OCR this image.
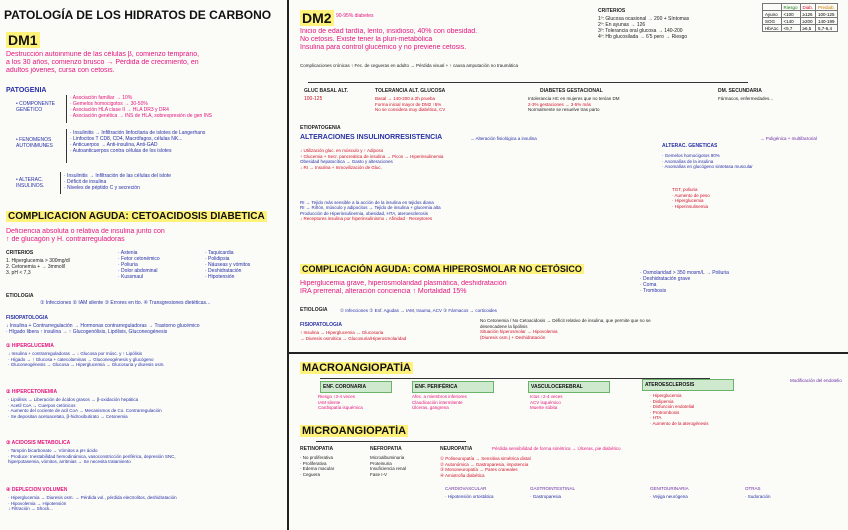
PATOLOGÍA DE LOS HIDRATOS DE CARBONO
DM1
Destrucción autoinmune de las células β, comienzo temprano,
a los 30 años, comienzo brusco → Pérdida de crecimiento, en
adultos jóvenes, cursa con cetosis.
PATOGENIA
• COMPONENTE GENÉTICO
· Asociación familiar → 10%
· Gemelos homocigotos → 30-50%
· Asociación HLA clase II → HLA DR3 y DR4
· Asociación genética → INS de HLA, sobrexpresión de gen INS
• FENÓMENOS AUTOINMUNES
· Insulinitis → Infiltración linfocitaria de islotes de Langerhans
· Linfocitos T CD8, CD4, Macrófagos, células NK...
· Anticuerpos → Anti-insulina, Anti-GAD
· Autoanticuerpos contra células de los islotes
• ALTERAC. INSULINOS.
· Insulinitis → Infiltración de las células del islote
· Déficit de insulina
· Niveles de péptido C y secreción
COMPLICACIÓN AGUDA: CETOACIDOSIS DIABÉTICA
Deficiencia absoluta o relativa de insulina junto con
↑ de glucagón y H. contrarreguladoras
CRITERIOS
1. Hiperglucemia > 300mg/dl
2. Cetonemia + → 3mmol/l
3. pH < 7,3
· Astenia
· Fetor cetonémico
· Poliuria
· Dolor abdominal
· Kussmaul
· Taquicardia
· Polidipsia
· Náuseas y vómitos
· Deshidratación
· Hipotensión
ETIOLOGÍA
① Infecciones ② IAM silente ③ Errores en tto. ④ Transgresiones dietéticas...
FISIOPATOLOGÍA
↓ Insulina + Contrarregulación → Hormonas contrarreguladoras → Trastorno glucémico
· Hígado libera ↑ insulina → ↑ Glucogenólisis, Lipólisis, Gluconeogénesis
① HIPERGLUCEMIA
↓ Insulina + contrarreguladoras → ↓ Glucosa por músc. y ↑ Lipólisis
· Hígado → ↑ Glucosa + catecolaminas → Gluconeogénesis y glucógeno
· Gluconeogénesis → Glucosa → Hiperglucemia → Glucosuria y diuresis osm.
② HIPERCETONEMIA
· Lipólisis → Liberación de ácidos grasos → β-oxidación hepática
· Acetil CoA → Cuerpos cetónicos
· Aumento del cociente de acil CoA → Mecanismos de Co. Contrarregulación
· Se depositan acetoacetato, β-hidroxibutirato → Cetonemia
③ ACIDOSIS METABÓLICA
· Tampón bicarbonato → Vómitos a pH ácido
· Produce: Inestabilidad hemodinámica, vasoconstricción periférica, depresión SNC,
hiperpotasemia, vómitos, arritmias → Se necesita tratamiento
④ DEPLECIÓN VOLUMEN
· Hiperglucemia → Diuresis osm. → Pérdida vol., pérdida electrolitos, deshidratación
· Hipovolemia → Hipotensión
↓ Filtración → Shock...
DM2 90-95% diabetes
Inicio de edad tardía, lento, insidioso, 40% con obesidad.
No cetosis. Existe tener la pluri-metabólica
Insulina para control glucémico y no previene cetosis.
Complicaciones crónicas ↑ Fec. de cegueras en adulto → Pérdida visual + ↑ causa amputación no traumática
CRITERIOS
1º: Glucosa ocasional → 200 + Síntomas
2º: En ayunas → 126
3º: Tolerancia oral glucosa → 140-200
4º: Hb glucosilada → 6'5 pero → Riesgo
	Riesgo	Diab.	Prediab.
Ayuno	<100	≥126	100-125
SOG	<140	≥200	140-199
HbA1c	<5,7	≥6,5	5,7-6,4
GLUC BASAL ALT.
100-125
TOLERANCIA ALT. GLUCOSA
Basal → 140-200 a 2h prueba
Forma inicial mayor de DM2 ↑5%
No se considera muy diabética, CV
DIABETES GESTACIONAL
Intolerancia HC en mujeres que no tenían DM
2-3% gestaciones → 3-5% más
Normalmente se resuelve tras parto
DM. SECUNDARIA
Fármacos, enfermedades...
ETIOPATOGENIA
ALTERACIONES INSULINORRESISTENCIA	→ Alteración fisiológica a insulina
↓ Utilización gluc. en músculo y ↑ Adiposo
↑ Glucemia + Secr. pancreática de insulina → Picos → Hiperinsulinemia
Obesidad hepatocítica → Gasto y alteraciones
↓ RI → Insulina + Inmovilización de Gluc.

RI → Tejido más sensible a la acción de la insulina en tejidos diana
RI → Riñón, músculo y adipocitos → Tejido de insulina + glucemia alta
Producción de Hiperinsulinemia, obesidad, HTA, ateroesclerosis
↓ Receptores insulina por hiperinsulinismo ↓ Afinidad · Receptores
ALTERAC. GENÉTICAS
→ Poligénica + multifactorial
· Gemelos homocigotos 90%
· Anomalías de la insulina
· Anomalías en glucógeno sintetasa muscular
TGT, poliuria
· Aumento de peso
· Hiperglucemia
· Hiperinsulinemia
COMPLICACIÓN AGUDA: COMA HIPEROSMOLAR NO CETÓSICO
Hiperglucemia grave, hiperosmolaridad plasmática, deshidratación
IRA prerrenal, alteración conciencia ↑ Mortalidad 15%
· Osmolaridad > 350 mosm/L → Poliuria
· Deshidratación grave
· Coma
· Trombosis
ETIOLOGÍA	① Infecciones ② Enf. Agudas → IAM, trauma, ACV ③ Fármacos → corticoides
FISIOPATOLOGÍA
↑ Insulina → Hiperglucemia → Glucosuria
→ Diuresis osmótica → Glucosuria/Hiperosmolaridad
No Cetonemia / No Cetoacidosis → Déficit relativo de insulina, que permite que no se
desencadene la lipólisis
Situación hiperosmolar → Hipovolemia
(Diuresis osm.) + Deshidratación
MACROANGIOPATÍA
ENF. CORONARIA
Riesgo ↑3-4 veces
IAM silente
Cardiopatía isquémica
ENF. PERIFÉRICA
Afec. a miembros inferiores
Claudicación intermitente
Úlceras, gangrena
VASCULOCEREBRAL
Ictus ↑2-4 veces
ACV isquémico
Muerte súbita
ATEROESCLEROSIS
· Hiperglucemia
· Dislipemia
· Disfunción endotelial
· Protrombosis
· HTA
· Aumento de la aterogénesis
Modificación del endotelio
MICROANGIOPATÍA
RETINOPATÍA
· No proliferativa
· Proliferativa
· Edema macular
· Ceguera
NEFROPATÍA
Microalbuminuria
Proteinuria
Insuficiencia renal
Fase I-V
NEUROPATÍA	Pérdida sensibilidad de forma simétrica → Úlceras, pie diabético
① Polineuropatía → Sensitiva simétrica distal
② Autonómica → Gastroparesia, impotencia
③ Mononeuropatía → Pares craneales
④ Amiotrofia diabética
CARDIOVASCULAR
· Hipotensión ortostática
GASTROINTESTINAL
· Gastroparesia
GENITOURINARIA
· Vejiga neurógena
OTRAS
· Sudoración
